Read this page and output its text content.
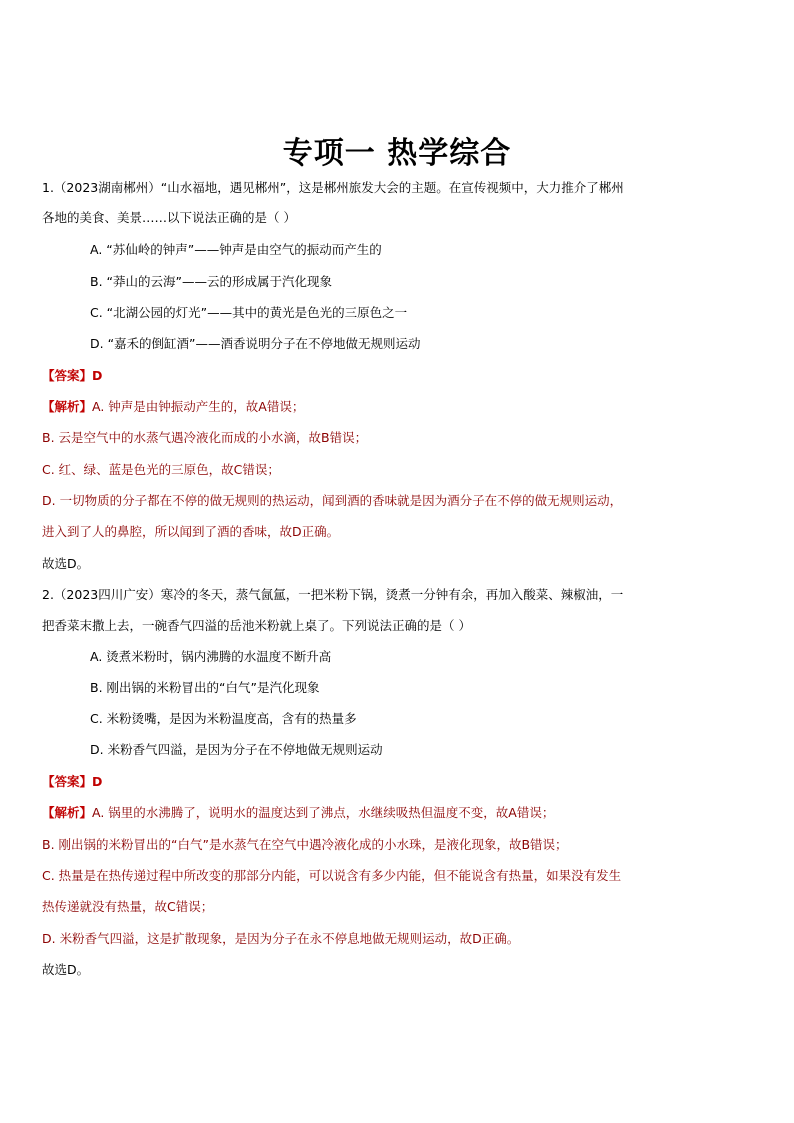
专项一 热学综合
1.（2023湖南郴州）“山水福地，遇见郴州”，这是郴州旅发大会的主题。在宣传视频中，大力推介了郴州
各地的美食、美景……以下说法正确的是（ ）
A. “苏仙岭的钟声”——钟声是由空气的振动而产生的
B. “莽山的云海”——云的形成属于汽化现象
C. “北湖公园的灯光”——其中的黄光是色光的三原色之一
D. “嘉禾的倒缸酒”——酒香说明分子在不停地做无规则运动
【答案】D
【解析】A. 钟声是由钟振动产生的，故A错误；
B. 云是空气中的水蒸气遇冷液化而成的小水滴，故B错误；
C. 红、绿、蓝是色光的三原色，故C错误；
D. 一切物质的分子都在不停的做无规则的热运动，闻到酒的香味就是因为酒分子在不停的做无规则运动，
进入到了人的鼻腔，所以闻到了酒的香味，故D正确。
故选D。
2.（2023四川广安）寒冷的冬天，蒸气氤氲，一把米粉下锅，烫煮一分钟有余，再加入酸菜、辣椒油，一
把香菜末撒上去，一碗香气四溢的岳池米粉就上桌了。下列说法正确的是（ ）
A. 烫煮米粉时，锅内沸腾的水温度不断升高
B. 刚出锅的米粉冒出的“白气”是汽化现象
C. 米粉烫嘴，是因为米粉温度高，含有的热量多
D. 米粉香气四溢，是因为分子在不停地做无规则运动
【答案】D
【解析】A. 锅里的水沸腾了，说明水的温度达到了沸点，水继续吸热但温度不变，故A错误；
B. 刚出锅的米粉冒出的“白气”是水蒸气在空气中遇冷液化成的小水珠，是液化现象，故B错误；
C. 热量是在热传递过程中所改变的那部分内能，可以说含有多少内能，但不能说含有热量，如果没有发生
热传递就没有热量，故C错误；
D. 米粉香气四溢，这是扩散现象，是因为分子在永不停息地做无规则运动，故D正确。
故选D。
